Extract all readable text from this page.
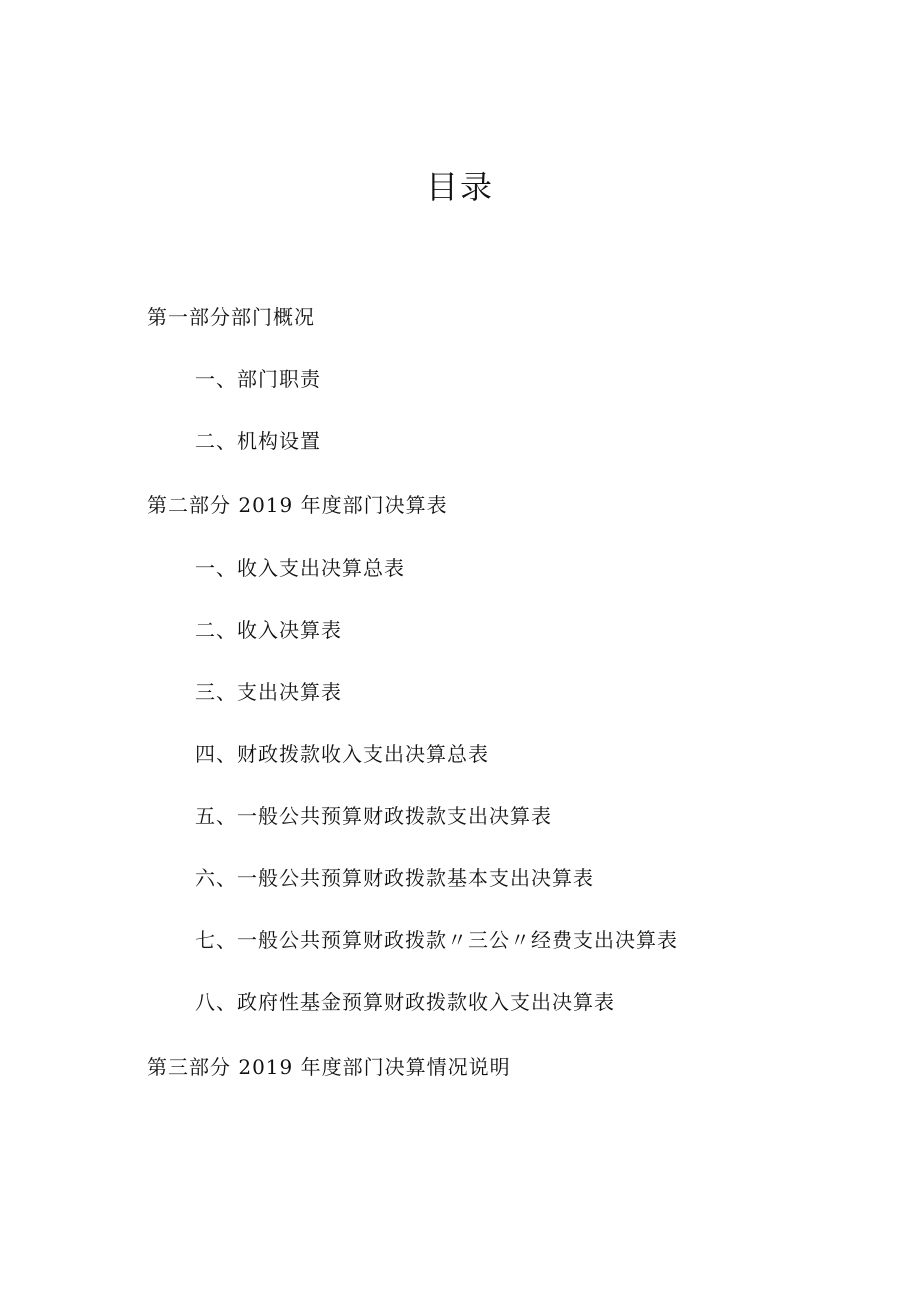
目录
第一部分部门概况
一、部门职责
二、机构设置
第二部分 2019 年度部门决算表
一、收入支出决算总表
二、收入决算表
三、支出决算表
四、财政拨款收入支出决算总表
五、一般公共预算财政拨款支出决算表
六、一般公共预算财政拨款基本支出决算表
七、一般公共预算财政拨款〃三公〃经费支出决算表
八、政府性基金预算财政拨款收入支出决算表
第三部分 2019 年度部门决算情况说明
